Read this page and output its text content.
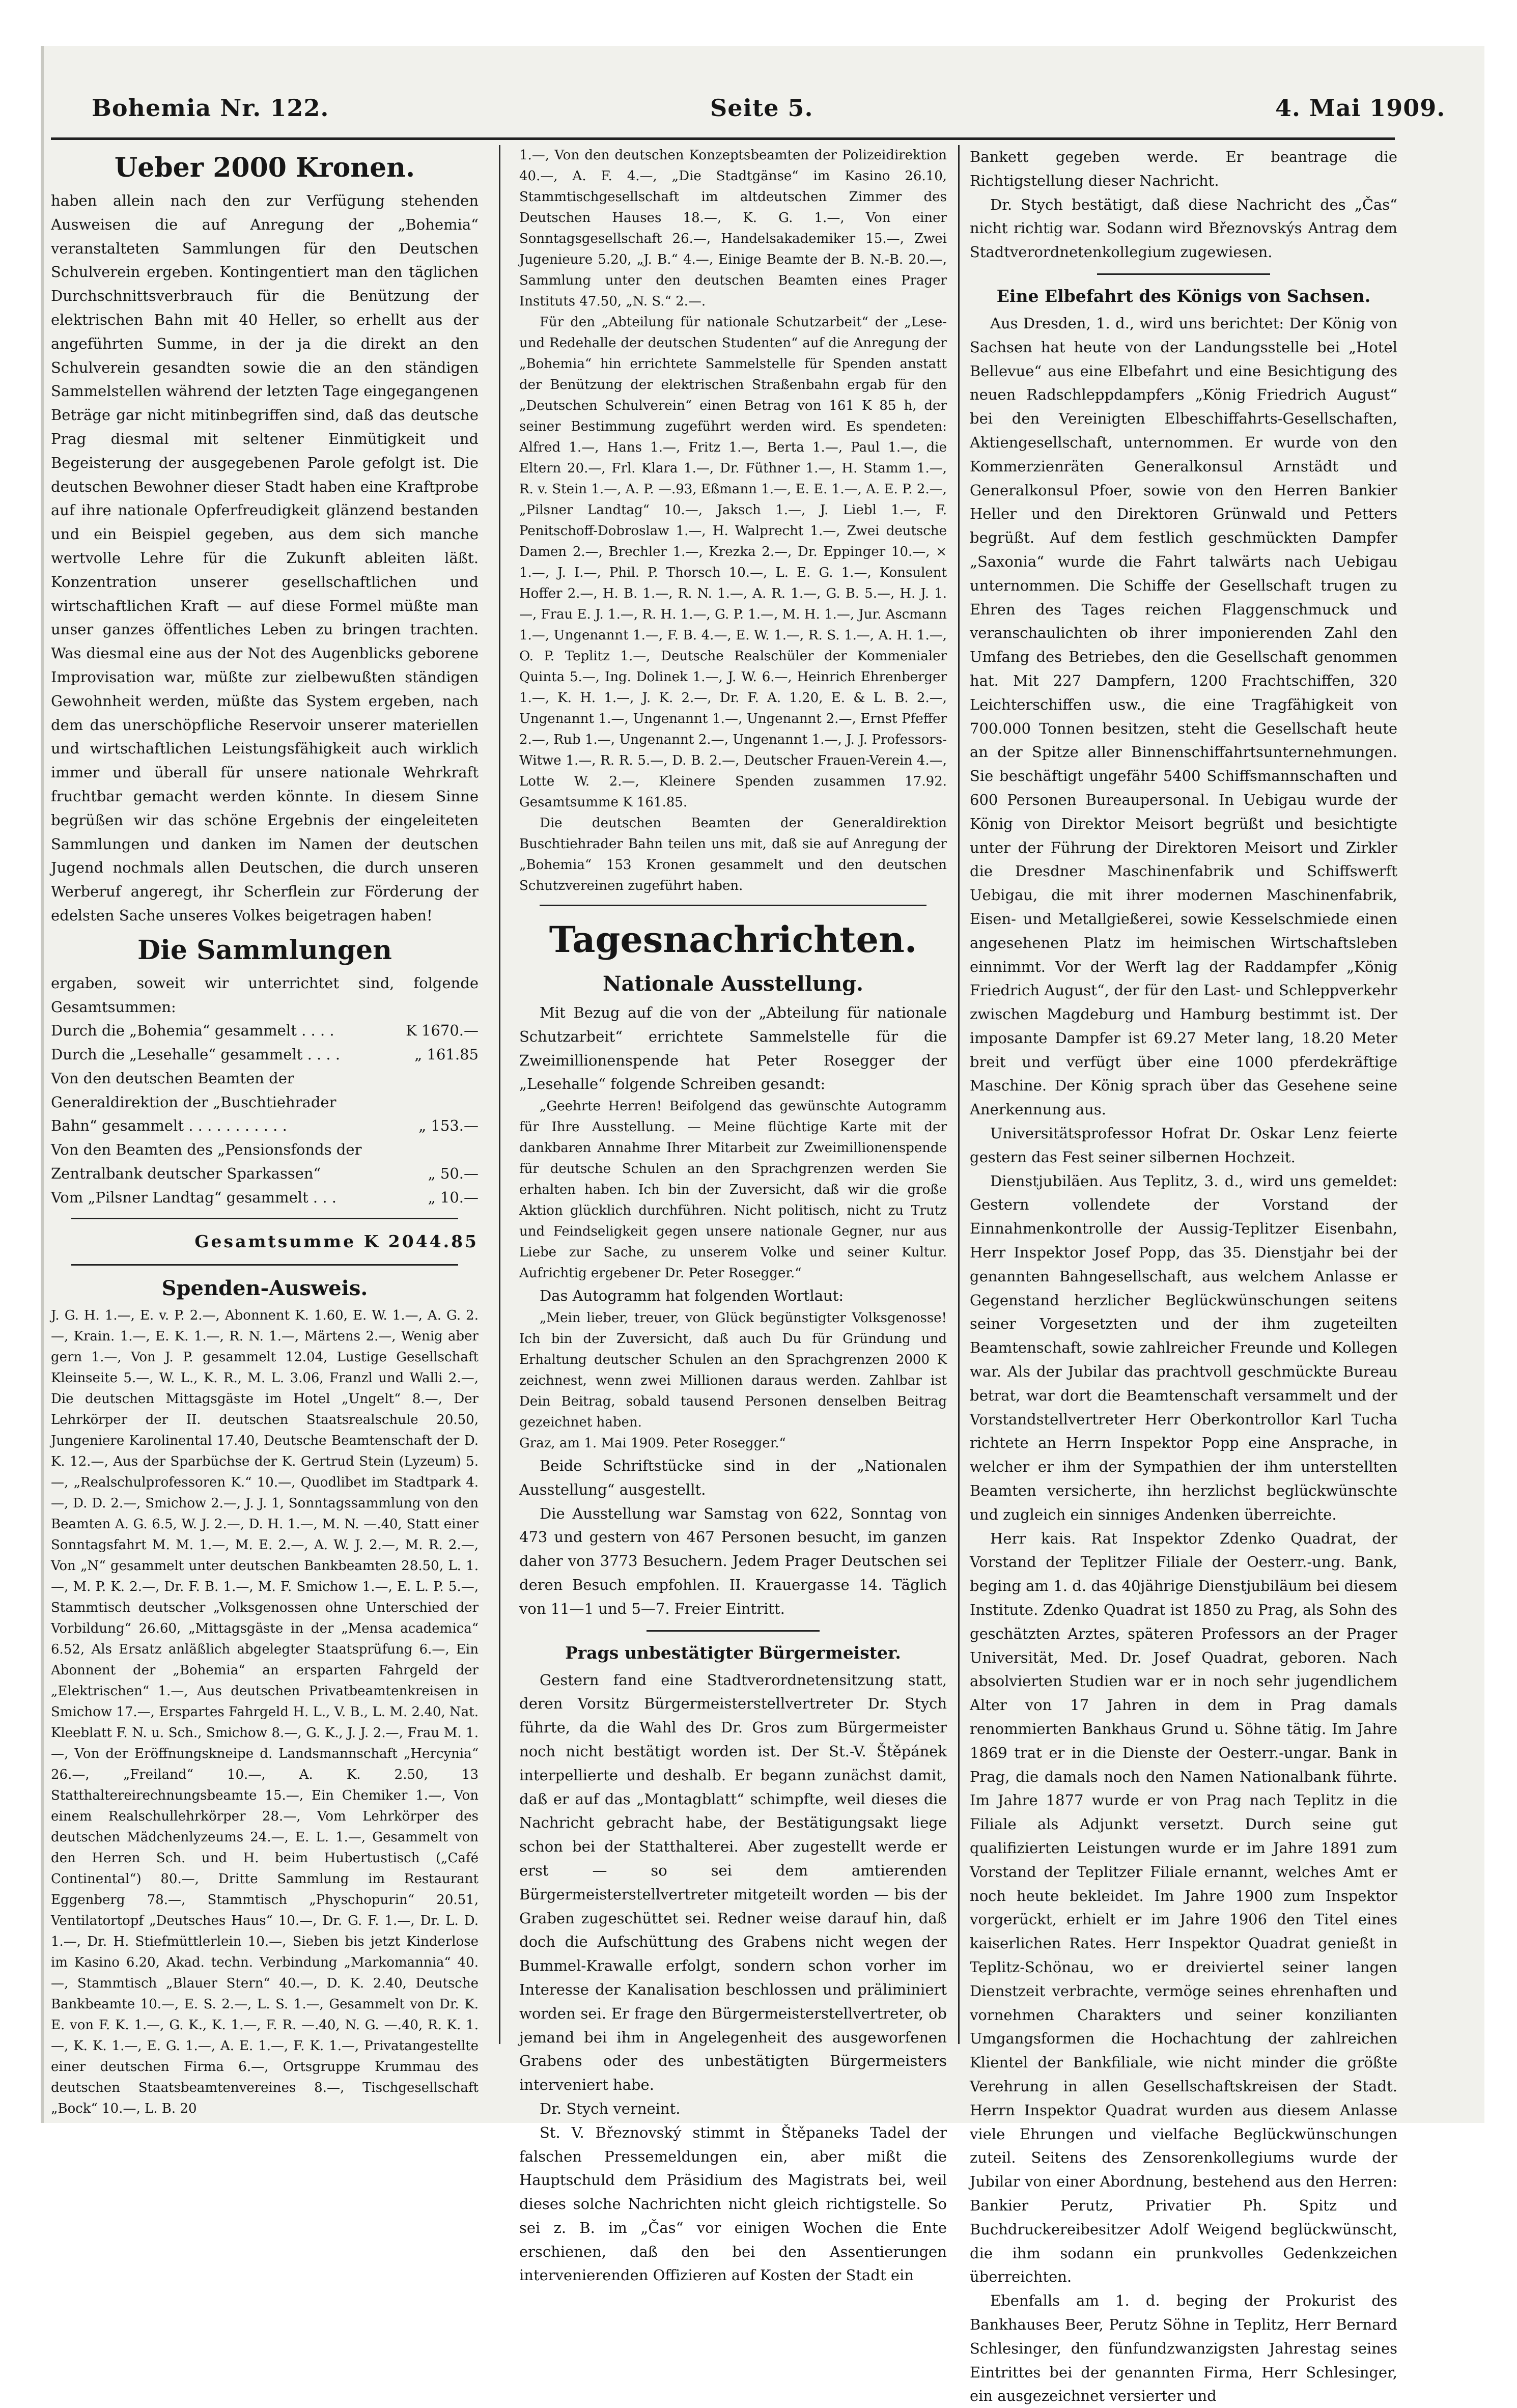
Bohemia Nr. 122.	Seite 5.	4. Mai 1909.
Ueber 2000 Kronen.

haben allein nach den zur Verfügung stehenden Ausweisen die auf Anregung der „Bohemia“ veranstalteten Sammlungen für den Deutschen Schulverein ergeben. Kontingentiert man den täglichen Durchschnittsverbrauch für die Benützung der elektrischen Bahn mit 40 Heller, so erhellt aus der angeführten Summe, in der ja die direkt an den Schulverein gesandten sowie die an den ständigen Sammelstellen während der letzten Tage eingegangenen Beträge gar nicht mitinbegriffen sind, daß das deutsche Prag diesmal mit seltener Einmütigkeit und Begeisterung der ausgegebenen Parole gefolgt ist. Die deutschen Bewohner dieser Stadt haben eine Kraftprobe auf ihre nationale Opferfreudigkeit glänzend bestanden und ein Beispiel gegeben, aus dem sich manche wertvolle Lehre für die Zukunft ableiten läßt. Konzentration unserer gesellschaftlichen und wirtschaftlichen Kraft — auf diese Formel müßte man unser ganzes öffentliches Leben zu bringen trachten. Was diesmal eine aus der Not des Augenblicks geborene Improvisation war, müßte zur zielbewußten ständigen Gewohnheit werden, müßte das System ergeben, nach dem das unerschöpfliche Reservoir unserer materiellen und wirtschaftlichen Leistungsfähigkeit auch wirklich immer und überall für unsere nationale Wehrkraft fruchtbar gemacht werden könnte. In diesem Sinne begrüßen wir das schöne Ergebnis der eingeleiteten Sammlungen und danken im Namen der deutschen Jugend nochmals allen Deutschen, die durch unseren Werberuf angeregt, ihr Scherflein zur Förderung der edelsten Sache unseres Volkes beigetragen haben!

Die Sammlungen

ergaben, soweit wir unterrichtet sind, folgende Gesamtsummen:

Durch die „Bohemia“ gesammelt . . . .	K 1670.—
Durch die „Lesehalle“ gesammelt . . . .	„ 161.85
Von den deutschen Beamten der Generaldirektion der „Buschtiehrader Bahn“ gesammelt . . . . . . . . . . .	„ 153.—
Von den Beamten des „Pensionsfonds der Zentralbank deutscher Sparkassen“	„ 50.—
Vom „Pilsner Landtag“ gesammelt . . .	„ 10.—
Gesamtsumme K 2044.85
Spenden-Ausweis.

J. G. H. 1.—, E. v. P. 2.—, Abonnent K. 1.60, E. W. 1.—, A. G. 2.—, Krain. 1.—, E. K. 1.—, R. N. 1.—, Märtens 2.—, Wenig aber gern 1.—, Von J. P. gesammelt 12.04, Lustige Gesellschaft Kleinseite 5.—, W. L., K. R., M. L. 3.06, Franzl und Walli 2.—, Die deutschen Mittagsgäste im Hotel „Ungelt“ 8.—, Der Lehrkörper der II. deutschen Staatsrealschule 20.50, Jungeniere Karolinental 17.40, Deutsche Beamtenschaft der D. K. 12.—, Aus der Sparbüchse der K. Gertrud Stein (Lyzeum) 5.—, „Realschulprofessoren K.“ 10.—, Quodlibet im Stadtpark 4.—, D. D. 2.—, Smichow 2.—, J. J. 1, Sonntagssammlung von den Beamten A. G. 6.5, W. J. 2.—, D. H. 1.—, M. N. —.40, Statt einer Sonntagsfahrt M. M. 1.—, M. E. 2.—, A. W. J. 2.—, M. R. 2.—, Von „N“ gesammelt unter deutschen Bankbeamten 28.50, L. 1.—, M. P. K. 2.—, Dr. F. B. 1.—, M. F. Smichow 1.—, E. L. P. 5.—, Stammtisch deutscher „Volksgenossen ohne Unterschied der Vorbildung“ 26.60, „Mittagsgäste in der „Mensa academica“ 6.52, Als Ersatz anläßlich abgelegter Staatsprüfung 6.—, Ein Abonnent der „Bohemia“ an ersparten Fahrgeld der „Elektrischen“ 1.—, Aus deutschen Privatbeamtenkreisen in Smichow 17.—, Erspartes Fahrgeld H. L., V. B., L. M. 2.40, Nat. Kleeblatt F. N. u. Sch., Smichow 8.—, G. K., J. J. 2.—, Frau M. 1.—, Von der Eröffnungskneipe d. Landsmannschaft „Hercynia“ 26.—, „Freiland“ 10.—, A. K. 2.50, 13 Statthaltereirechnungsbeamte 15.—, Ein Chemiker 1.—, Von einem Realschullehrkörper 28.—, Vom Lehrkörper des deutschen Mädchenlyzeums 24.—, E. L. 1.—, Gesammelt von den Herren Sch. und H. beim Hubertustisch („Café Continental“) 80.—, Dritte Sammlung im Restaurant Eggenberg 78.—, Stammtisch „Physchopurin“ 20.51, Ventilatortopf „Deutsches Haus“ 10.—, Dr. G. F. 1.—, Dr. L. D. 1.—, Dr. H. Stiefmüttlerlein 10.—, Sieben bis jetzt Kinderlose im Kasino 6.20, Akad. techn. Verbindung „Markomannia“ 40.—, Stammtisch „Blauer Stern“ 40.—, D. K. 2.40, Deutsche Bankbeamte 10.—, E. S. 2.—, L. S. 1.—, Gesammelt von Dr. K. E. von F. K. 1.—, G. K., K. 1.—, F. R. —.40, N. G. —.40, R. K. 1.—, K. K. 1.—, E. G. 1.—, A. E. 1.—, F. K. 1.—, Privatangestellte einer deutschen Firma 6.—, Ortsgruppe Krummau des deutschen Staatsbeamtenvereines 8.—, Tischgesellschaft „Bock“ 10.—, L. B. 20

1.—, Von den deutschen Konzeptsbeamten der Polizeidirektion 40.—, A. F. 4.—, „Die Stadtgänse“ im Kasino 26.10, Stammtischgesellschaft im altdeutschen Zimmer des Deutschen Hauses 18.—, K. G. 1.—, Von einer Sonntagsgesellschaft 26.—, Handelsakademiker 15.—, Zwei Jugenieure 5.20, „J. B.“ 4.—, Einige Beamte der B. N.-B. 20.—, Sammlung unter den deutschen Beamten eines Prager Instituts 47.50, „N. S.“ 2.—.

Für den „Abteilung für nationale Schutzarbeit“ der „Lese- und Redehalle der deutschen Studenten“ auf die Anregung der „Bohemia“ hin errichtete Sammelstelle für Spenden anstatt der Benützung der elektrischen Straßenbahn ergab für den „Deutschen Schulverein“ einen Betrag von 161 K 85 h, der seiner Bestimmung zugeführt werden wird. Es spendeten: Alfred 1.—, Hans 1.—, Fritz 1.—, Berta 1.—, Paul 1.—, die Eltern 20.—, Frl. Klara 1.—, Dr. Füthner 1.—, H. Stamm 1.—, R. v. Stein 1.—, A. P. —.93, Eßmann 1.—, E. E. 1.—, A. E. P. 2.—, „Pilsner Landtag“ 10.—, Jaksch 1.—, J. Liebl 1.—, F. Penitschoff-Dobroslaw 1.—, H. Walprecht 1.—, Zwei deutsche Damen 2.—, Brechler 1.—, Krezka 2.—, Dr. Eppinger 10.—, × 1.—, J. I.—, Phil. P. Thorsch 10.—, L. E. G. 1.—, Konsulent Hoffer 2.—, H. B. 1.—, R. N. 1.—, A. R. 1.—, G. B. 5.—, H. J. 1.—, Frau E. J. 1.—, R. H. 1.—, G. P. 1.—, M. H. 1.—, Jur. Ascmann 1.—, Ungenannt 1.—, F. B. 4.—, E. W. 1.—, R. S. 1.—, A. H. 1.—, O. P. Teplitz 1.—, Deutsche Realschüler der Kommenialer Quinta 5.—, Ing. Dolinek 1.—, J. W. 6.—, Heinrich Ehrenberger 1.—, K. H. 1.—, J. K. 2.—, Dr. F. A. 1.20, E. & L. B. 2.—, Ungenannt 1.—, Ungenannt 1.—, Ungenannt 2.—, Ernst Pfeffer 2.—, Rub 1.—, Ungenannt 2.—, Ungenannt 1.—, J. J. Professors-Witwe 1.—, R. R. 5.—, D. B. 2.—, Deutscher Frauen-Verein 4.—, Lotte W. 2.—, Kleinere Spenden zusammen 17.92. Gesamtsumme K 161.85.

Die deutschen Beamten der Generaldirektion Buschtiehrader Bahn teilen uns mit, daß sie auf Anregung der „Bohemia“ 153 Kronen gesammelt und den deutschen Schutzvereinen zugeführt haben.

Tagesnachrichten.
Nationale Ausstellung.

Mit Bezug auf die von der „Abteilung für nationale Schutzarbeit“ errichtete Sammelstelle für die Zweimillionenspende hat Peter Rosegger der „Lesehalle“ folgende Schreiben gesandt:

„Geehrte Herren! Beifolgend das gewünschte Autogramm für Ihre Ausstellung. — Meine flüchtige Karte mit der dankbaren Annahme Ihrer Mitarbeit zur Zweimillionenspende für deutsche Schulen an den Sprachgrenzen werden Sie erhalten haben. Ich bin der Zuversicht, daß wir die große Aktion glücklich durchführen. Nicht politisch, nicht zu Trutz und Feindseligkeit gegen unsere nationale Gegner, nur aus Liebe zur Sache, zu unserem Volke und seiner Kultur. Aufrichtig ergebener Dr. Peter Rosegger.“

Das Autogramm hat folgenden Wortlaut:

„Mein lieber, treuer, von Glück begünstigter Volksgenosse! Ich bin der Zuversicht, daß auch Du für Gründung und Erhaltung deutscher Schulen an den Sprachgrenzen 2000 K zeichnest, wenn zwei Millionen daraus werden. Zahlbar ist Dein Beitrag, sobald tausend Personen denselben Beitrag gezeichnet haben.

Graz, am 1. Mai 1909. Peter Rosegger.“

Beide Schriftstücke sind in der „Nationalen Ausstellung“ ausgestellt.

Die Ausstellung war Samstag von 622, Sonntag von 473 und gestern von 467 Personen besucht, im ganzen daher von 3773 Besuchern. Jedem Prager Deutschen sei deren Besuch empfohlen. II. Krauergasse 14. Täglich von 11—1 und 5—7. Freier Eintritt.

Prags unbestätigter Bürgermeister.

Gestern fand eine Stadtverordnetensitzung statt, deren Vorsitz Bürgermeisterstellvertreter Dr. Stych führte, da die Wahl des Dr. Gros zum Bürgermeister noch nicht bestätigt worden ist. Der St.-V. Štěpánek interpellierte und deshalb. Er begann zunächst damit, daß er auf das „Montagblatt“ schimpfte, weil dieses die Nachricht gebracht habe, der Bestätigungsakt liege schon bei der Statthalterei. Aber zugestellt werde er erst — so sei dem amtierenden Bürgermeisterstellvertreter mitgeteilt worden — bis der Graben zugeschüttet sei. Redner weise darauf hin, daß doch die Aufschüttung des Grabens nicht wegen der Bummel-Krawalle erfolgt, sondern schon vorher im Interesse der Kanalisation beschlossen und präliminiert worden sei. Er frage den Bürgermeisterstellvertreter, ob jemand bei ihm in Angelegenheit des ausgeworfenen Grabens oder des unbestätigten Bürgermeisters interveniert habe.

Dr. Stych verneint.

St. V. Březnovský stimmt in Štěpaneks Tadel der falschen Pressemeldungen ein, aber mißt die Hauptschuld dem Präsidium des Magistrats bei, weil dieses solche Nachrichten nicht gleich richtigstelle. So sei z. B. im „Čas“ vor einigen Wochen die Ente erschienen, daß den bei den Assentierungen intervenierenden Offizieren auf Kosten der Stadt ein

Bankett gegeben werde. Er beantrage die Richtigstellung dieser Nachricht.

Dr. Stych bestätigt, daß diese Nachricht des „Čas“ nicht richtig war. Sodann wird Březnovskýs Antrag dem Stadtverordnetenkollegium zugewiesen.

Eine Elbefahrt des Königs von Sachsen.

Aus Dresden, 1. d., wird uns berichtet: Der König von Sachsen hat heute von der Landungsstelle bei „Hotel Bellevue“ aus eine Elbefahrt und eine Besichtigung des neuen Radschleppdampfers „König Friedrich August“ bei den Vereinigten Elbeschiffahrts-Gesellschaften, Aktiengesellschaft, unternommen. Er wurde von den Kommerzienräten Generalkonsul Arnstädt und Generalkonsul Pfoer, sowie von den Herren Bankier Heller und den Direktoren Grünwald und Petters begrüßt. Auf dem festlich geschmückten Dampfer „Saxonia“ wurde die Fahrt talwärts nach Uebigau unternommen. Die Schiffe der Gesellschaft trugen zu Ehren des Tages reichen Flaggenschmuck und veranschaulichten ob ihrer imponierenden Zahl den Umfang des Betriebes, den die Gesellschaft genommen hat. Mit 227 Dampfern, 1200 Frachtschiffen, 320 Leichterschiffen usw., die eine Tragfähigkeit von 700.000 Tonnen besitzen, steht die Gesellschaft heute an der Spitze aller Binnenschiffahrtsunternehmungen. Sie beschäftigt ungefähr 5400 Schiffsmannschaften und 600 Personen Bureaupersonal. In Uebigau wurde der König von Direktor Meisort begrüßt und besichtigte unter der Führung der Direktoren Meisort und Zirkler die Dresdner Maschinenfabrik und Schiffswerft Uebigau, die mit ihrer modernen Maschinenfabrik, Eisen- und Metallgießerei, sowie Kesselschmiede einen angesehenen Platz im heimischen Wirtschaftsleben einnimmt. Vor der Werft lag der Raddampfer „König Friedrich August“, der für den Last- und Schleppverkehr zwischen Magdeburg und Hamburg bestimmt ist. Der imposante Dampfer ist 69.27 Meter lang, 18.20 Meter breit und verfügt über eine 1000 pferdekräftige Maschine. Der König sprach über das Gesehene seine Anerkennung aus.

Universitätsprofessor Hofrat Dr. Oskar Lenz feierte gestern das Fest seiner silbernen Hochzeit.

Dienstjubiläen. Aus Teplitz, 3. d., wird uns gemeldet: Gestern vollendete der Vorstand der Einnahmenkontrolle der Aussig-Teplitzer Eisenbahn, Herr Inspektor Josef Popp, das 35. Dienstjahr bei der genannten Bahngesellschaft, aus welchem Anlasse er Gegenstand herzlicher Beglückwünschungen seitens seiner Vorgesetzten und der ihm zugeteilten Beamtenschaft, sowie zahlreicher Freunde und Kollegen war. Als der Jubilar das prachtvoll geschmückte Bureau betrat, war dort die Beamtenschaft versammelt und der Vorstandstellvertreter Herr Oberkontrollor Karl Tucha richtete an Herrn Inspektor Popp eine Ansprache, in welcher er ihm der Sympathien der ihm unterstellten Beamten versicherte, ihn herzlichst beglückwünschte und zugleich ein sinniges Andenken überreichte.

Herr kais. Rat Inspektor Zdenko Quadrat, der Vorstand der Teplitzer Filiale der Oesterr.-ung. Bank, beging am 1. d. das 40jährige Dienstjubiläum bei diesem Institute. Zdenko Quadrat ist 1850 zu Prag, als Sohn des geschätzten Arztes, späteren Professors an der Prager Universität, Med. Dr. Josef Quadrat, geboren. Nach absolvierten Studien war er in noch sehr jugendlichem Alter von 17 Jahren in dem in Prag damals renommierten Bankhaus Grund u. Söhne tätig. Im Jahre 1869 trat er in die Dienste der Oesterr.-ungar. Bank in Prag, die damals noch den Namen Nationalbank führte. Im Jahre 1877 wurde er von Prag nach Teplitz in die Filiale als Adjunkt versetzt. Durch seine gut qualifizierten Leistungen wurde er im Jahre 1891 zum Vorstand der Teplitzer Filiale ernannt, welches Amt er noch heute bekleidet. Im Jahre 1900 zum Inspektor vorgerückt, erhielt er im Jahre 1906 den Titel eines kaiserlichen Rates. Herr Inspektor Quadrat genießt in Teplitz-Schönau, wo er dreiviertel seiner langen Dienstzeit verbrachte, vermöge seines ehrenhaften und vornehmen Charakters und seiner konzilianten Umgangsformen die Hochachtung der zahlreichen Klientel der Bankfiliale, wie nicht minder die größte Verehrung in allen Gesellschaftskreisen der Stadt. Herrn Inspektor Quadrat wurden aus diesem Anlasse viele Ehrungen und vielfache Beglückwünschungen zuteil. Seitens des Zensorenkollegiums wurde der Jubilar von einer Abordnung, bestehend aus den Herren: Bankier Perutz, Privatier Ph. Spitz und Buchdruckereibesitzer Adolf Weigend beglückwünscht, die ihm sodann ein prunkvolles Gedenkzeichen überreichten.

Ebenfalls am 1. d. beging der Prokurist des Bankhauses Beer, Perutz Söhne in Teplitz, Herr Bernard Schlesinger, den fünfundzwanzigsten Jahrestag seines Eintrittes bei der genannten Firma, Herr Schlesinger, ein ausgezeichnet versierter und
